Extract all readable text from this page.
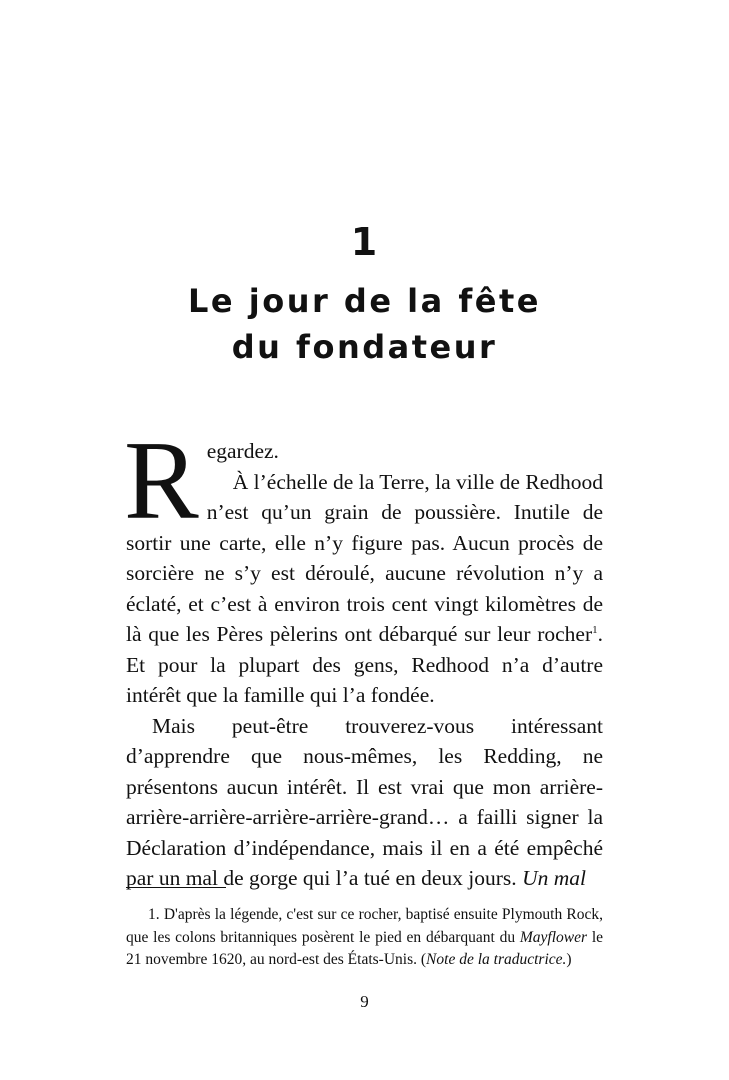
1
Le jour de la fête
du fondateur

Regardez.

À l’échelle de la Terre, la ville de Redhood n’est qu’un grain de poussière. Inutile de sortir une carte, elle n’y figure pas. Aucun procès de sorcière ne s’y est déroulé, aucune révolution n’y a éclaté, et c’est à environ trois cent vingt kilomètres de là que les Pères pèlerins ont débarqué sur leur rocher$^1$. Et pour la plupart des gens, Redhood n’a d’autre intérêt que la famille qui l’a fondée.

Mais peut-être trouverez-vous intéressant d’apprendre que nous-mêmes, les Redding, ne présentons aucun intérêt. Il est vrai que mon arrière-arrière-arrière-arrière-arrière-grand… a failli signer la Déclaration d’indépendance, mais il en a été empêché par un mal de gorge qui l’a tué en deux jours. Un mal

1. D'après la légende, c'est sur ce rocher, baptisé ensuite Plymouth Rock, que les colons britanniques posèrent le pied en débarquant du Mayflower le 21 novembre 1620, au nord-est des États-Unis. (Note de la traductrice.)

9
